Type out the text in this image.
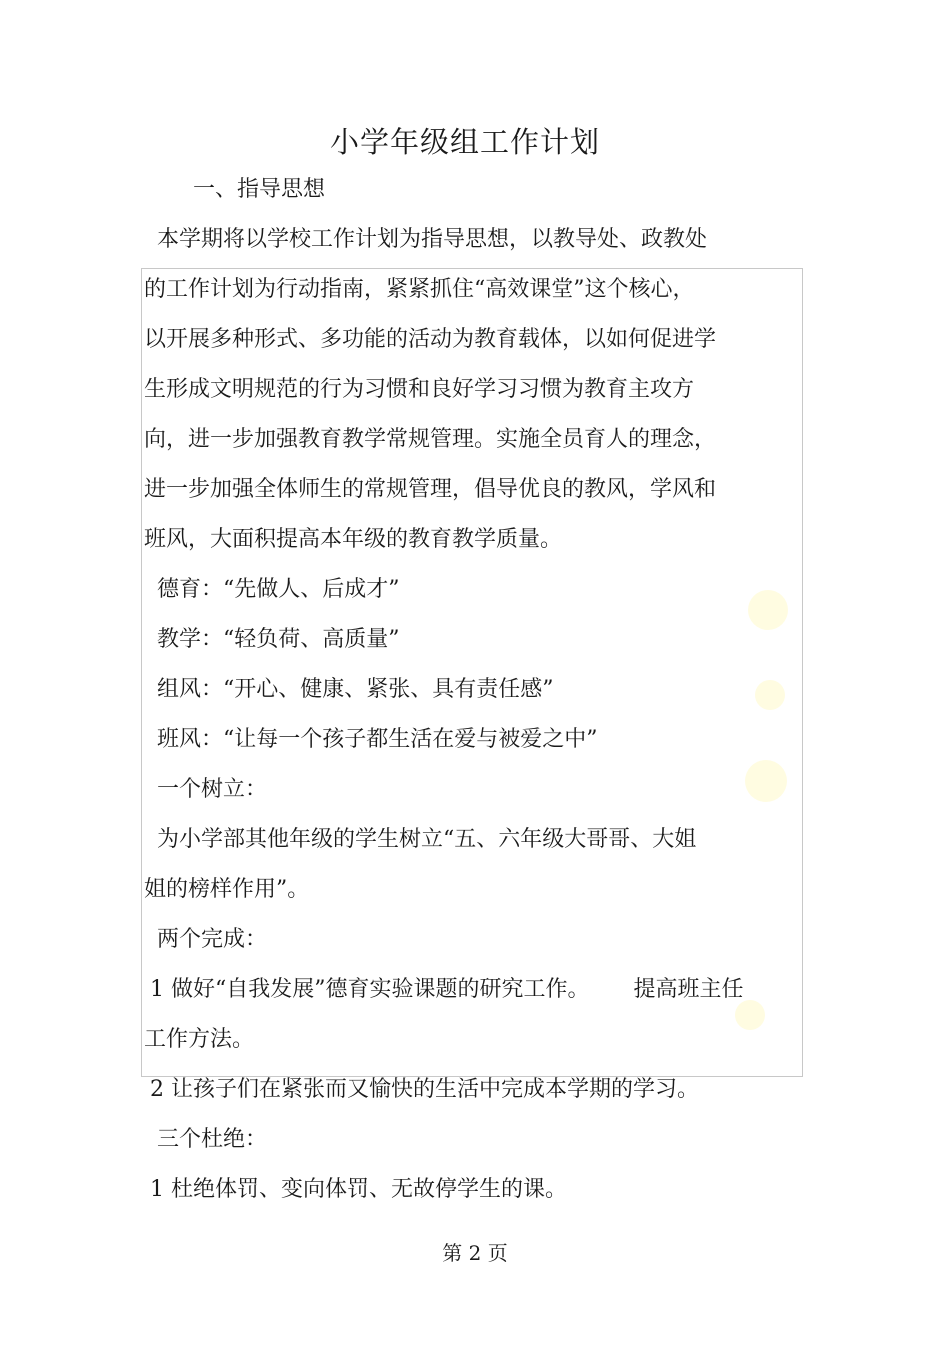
小学年级组工作计划
一、指导思想
本学期将以学校工作计划为指导思想，以教导处、政教处
的工作计划为行动指南，紧紧抓住“高效课堂”这个核心，
以开展多种形式、多功能的活动为教育载体，以如何促进学
生形成文明规范的行为习惯和良好学习习惯为教育主攻方
向，进一步加强教育教学常规管理。实施全员育人的理念，
进一步加强全体师生的常规管理，倡导优良的教风，学风和
班风，大面积提高本年级的教育教学质量。
德育：“先做人、后成才”
教学：“轻负荷、高质量”
组风：“开心、健康、紧张、具有责任感”
班风：“让每一个孩子都生活在爱与被爱之中”
一个树立：
为小学部其他年级的学生树立“五、六年级大哥哥、大姐
姐的榜样作用”。
两个完成：
1 做好“自我发展”德育实验课题的研究工作。 提高班主任
工作方法。
2 让孩子们在紧张而又愉快的生活中完成本学期的学习。
三个杜绝：
1 杜绝体罚、变向体罚、无故停学生的课。
第 2 页
